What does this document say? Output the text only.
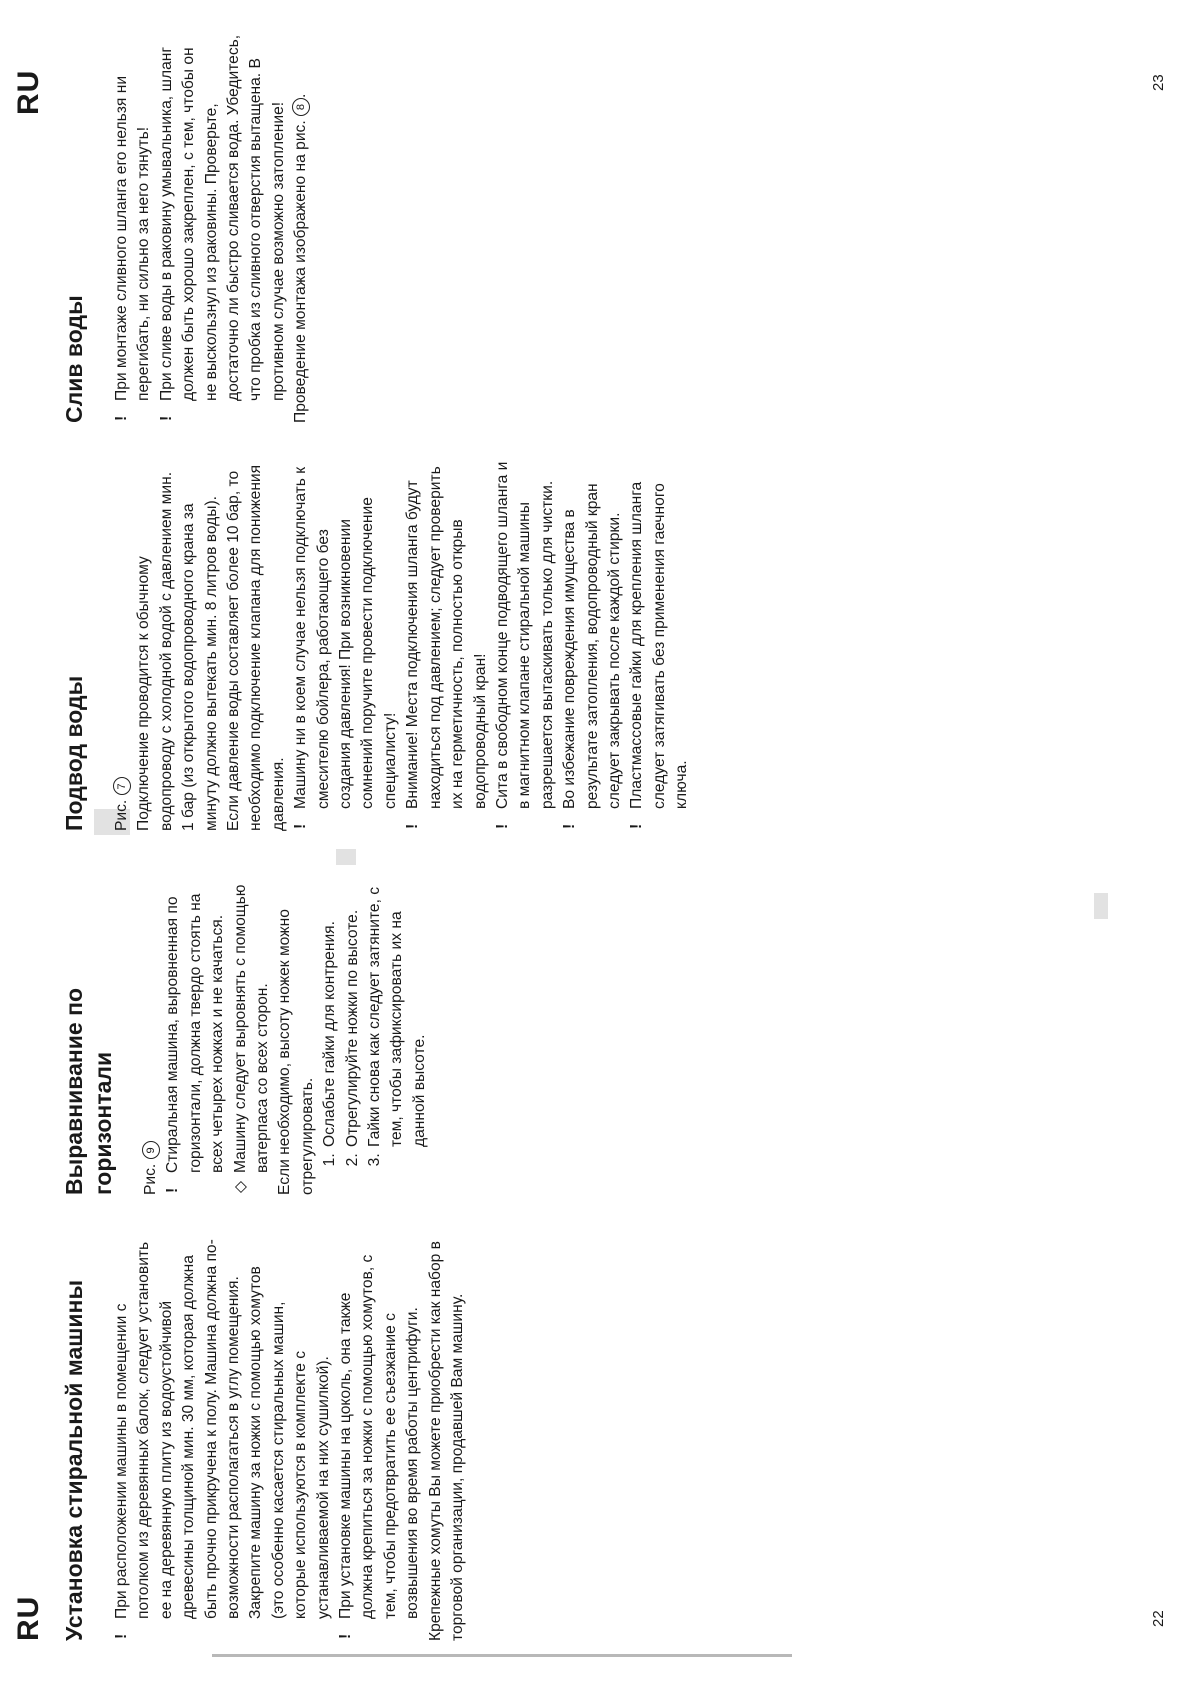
RU
RU
22
23
Установка стиральной машины !
При расположении машины в помещении с потолком из деревянных балок, следует установить ее на деревянную плиту из водоустойчивой древесины толщиной мин. 30 мм, которая должна быть прочно прикручена к полу. Машина должна по-возможности располагаться в углу помещения. Закрепите машину за ножки с помощью хомутов (это особенно касается стиральных машин, которые используются в комплекте с устанавливаемой на них сушилкой).
!
При установке машины на цоколь, она также должна крепиться за ножки с помощью хомутов, с тем, чтобы предотвратить ее съезжание с возвышения во время работы центрифуги. Крепежные хомуты Вы можете приобрести как набор в торговой организации, продавшей Вам машину.

Выравнивание по горизонтали Рис. 9

!
Стиральная машина, выровненная по горизонтали, должна твердо стоять на всех четырех ножках и не качаться.
◇
Машину следует выровнять с помощью ватерпаса со всех сторон. Если необходимо, высоту ножек можно отрегулировать. 1. Ослабьте гайки для контрения. 2. Отрегулируйте ножки по высоте. 3. Гайки снова как следует затяните, с тем, чтобы зафиксировать их на данной высоте.
Подвод воды Рис. 7 Подключение проводится к обычному водопроводу с холодной водой с давлением мин. 1 бар (из открытого водопроводного крана за минуту должно вытекать мин. 8 литров воды). Если давление воды составляет более 10 бар, то необходимо подключение клапана для понижения давления. !
Машину ни в коем случае нельзя подключать к смесителю бойлера, работающего без создания давления! При возникновении сомнений поручите провести подключение специалисту!
!
Внимание! Места подключения шланга будут находиться под давлением; следует проверить их на герметичность, полностью открыв водопроводный кран!
!
Сита в свободном конце подводящего шланга и в магнитном клапане стиральной машины разрешается вытаскивать только для чистки.
!
Во избежание повреждения имущества в результате затопления, водопроводный кран следует закрывать после каждой стирки.
!
Пластмассовые гайки для крепления шланга следует затягивать без применения гаечного ключа.
Слив воды !
При монтаже сливного шланга его нельзя ни перегибать, ни сильно за него тянуть!
!
При сливе воды в раковину умывальника, шланг должен быть хорошо закреплен, с тем, чтобы он не выскользнул из раковины. Проверьте, достаточно ли быстро сливается вода. Убедитесь, что пробка из сливного отверстия вытащена. В противном случае возможно затопление! Проведение монтажа изображено на рис. 8.
